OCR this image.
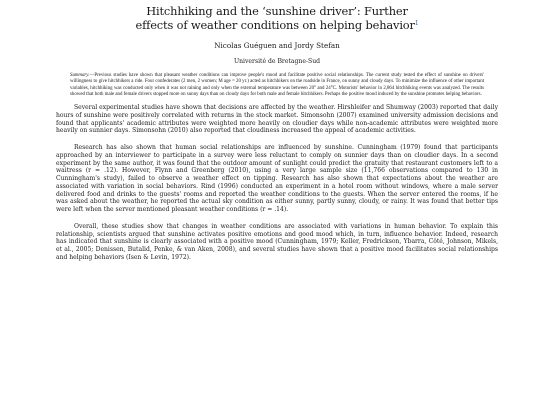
Hitchhiking and the ‘sunshine driver’: Further
effects of weather conditions on helping behavior$^1$

Nicolas Guéguen and Jordy Stefan

Université de Bretagne-Sud

Summary.—Previous studies have shown that pleasant weather conditions can improve people's mood and facilitate positive social relationships. The current study tested the effect of sunshine on drivers' willingness to give hitchhikers a ride. Four confederates (2 men, 2 women; M age = 20 yr.) acted as hitchhikers on the roadside in France, on sunny and cloudy days. To minimize the influence of other important variables, hitchhiking was conducted only when it was not raining and only when the external temperature was between 20° and 24°C. Motorists' behavior in 2,864 hitchhiking events was analyzed. The results showed that both male and female drivers stopped more on sunny days than on cloudy days for both male and female hitchhikers. Perhaps the positive mood induced by the sunshine promotes helping behaviors.

Several experimental studies have shown that decisions are affected by the weather. Hirshleifer and Shumway (2003) reported that daily hours of sunshine were positively correlated with returns in the stock market. Simonsohn (2007) examined university admission decisions and found that applicants' academic attributes were weighted more heavily on cloudier days while non-academic attributes were weighted more heavily on sunnier days. Simonsohn (2010) also reported that cloudiness increased the appeal of academic activities.

Research has also shown that human social relationships are influenced by sunshine. Cunningham (1979) found that participants approached by an interviewer to participate in a survey were less reluctant to comply on sunnier days than on cloudier days. In a second experiment by the same author, it was found that the outdoor amount of sunlight could predict the gratuity that restaurant customers left to a waitress (r = .12). However, Flynn and Greenberg (2010), using a very large sample size (11,766 observations compared to 130 in Cunningham's study), failed to observe a weather effect on tipping. Research has also shown that expectations about the weather are associated with variation in social behaviors. Rind (1996) conducted an experiment in a hotel room without windows, where a male server delivered food and drinks to the guests' rooms and reported the weather conditions to the guests. When the server entered the rooms, if he was asked about the weather, he reported the actual sky condition as either sunny, partly sunny, cloudy, or rainy. It was found that better tips were left when the server mentioned pleasant weather conditions (r = .14).

Overall, these studies show that changes in weather conditions are associated with variations in human behavior. To explain this relationship, scientists argued that sunshine activates positive emotions and good mood which, in turn, influence behavior. Indeed, research has indicated that sunshine is clearly associated with a positive mood (Cunningham, 1979; Keller, Fredrickson, Ybarra, Côté, Johnson, Mikels, et al., 2005; Denissen, Butalid, Penke, & van Aken, 2008), and several studies have shown that a positive mood facilitates social relationships and helping behaviors (Isen & Levin, 1972).
